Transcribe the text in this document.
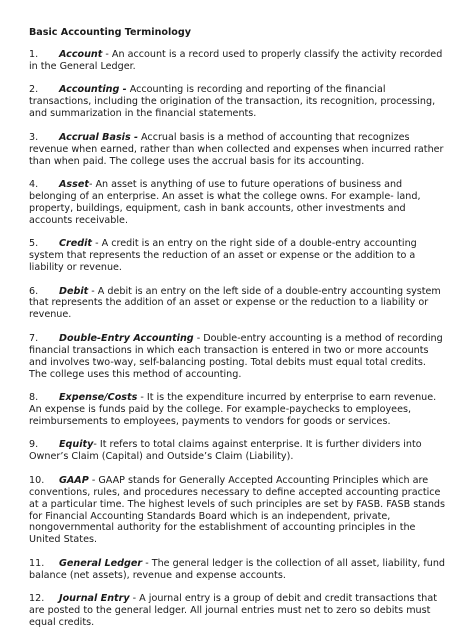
Basic Accounting Terminology
1. Account - An account is a record used to properly classify the activity recorded
in the General Ledger.
2. Accounting - Accounting is recording and reporting of the financial
transactions, including the origination of the transaction, its recognition, processing,
and summarization in the financial statements.
3. Accrual Basis - Accrual basis is a method of accounting that recognizes
revenue when earned, rather than when collected and expenses when incurred rather
than when paid. The college uses the accrual basis for its accounting.
4. Asset- An asset is anything of use to future operations of business and
belonging of an enterprise. An asset is what the college owns. For example- land,
property, buildings, equipment, cash in bank accounts, other investments and
accounts receivable.
5. Credit - A credit is an entry on the right side of a double-entry accounting
system that represents the reduction of an asset or expense or the addition to a
liability or revenue.
6. Debit - A debit is an entry on the left side of a double-entry accounting system
that represents the addition of an asset or expense or the reduction to a liability or
revenue.
7. Double-Entry Accounting - Double-entry accounting is a method of recording
financial transactions in which each transaction is entered in two or more accounts
and involves two-way, self-balancing posting. Total debits must equal total credits.
The college uses this method of accounting.
8. Expense/Costs - It is the expenditure incurred by enterprise to earn revenue.
An expense is funds paid by the college. For example-paychecks to employees,
reimbursements to employees, payments to vendors for goods or services.
9. Equity- It refers to total claims against enterprise. It is further dividers into
Owner’s Claim (Capital) and Outside’s Claim (Liability).
10. GAAP - GAAP stands for Generally Accepted Accounting Principles which are
conventions, rules, and procedures necessary to define accepted accounting practice
at a particular time. The highest levels of such principles are set by FASB. FASB stands
for Financial Accounting Standards Board which is an independent, private,
nongovernmental authority for the establishment of accounting principles in the
United States.
11. General Ledger - The general ledger is the collection of all asset, liability, fund
balance (net assets), revenue and expense accounts.
12. Journal Entry - A journal entry is a group of debit and credit transactions that
are posted to the general ledger. All journal entries must net to zero so debits must
equal credits.
